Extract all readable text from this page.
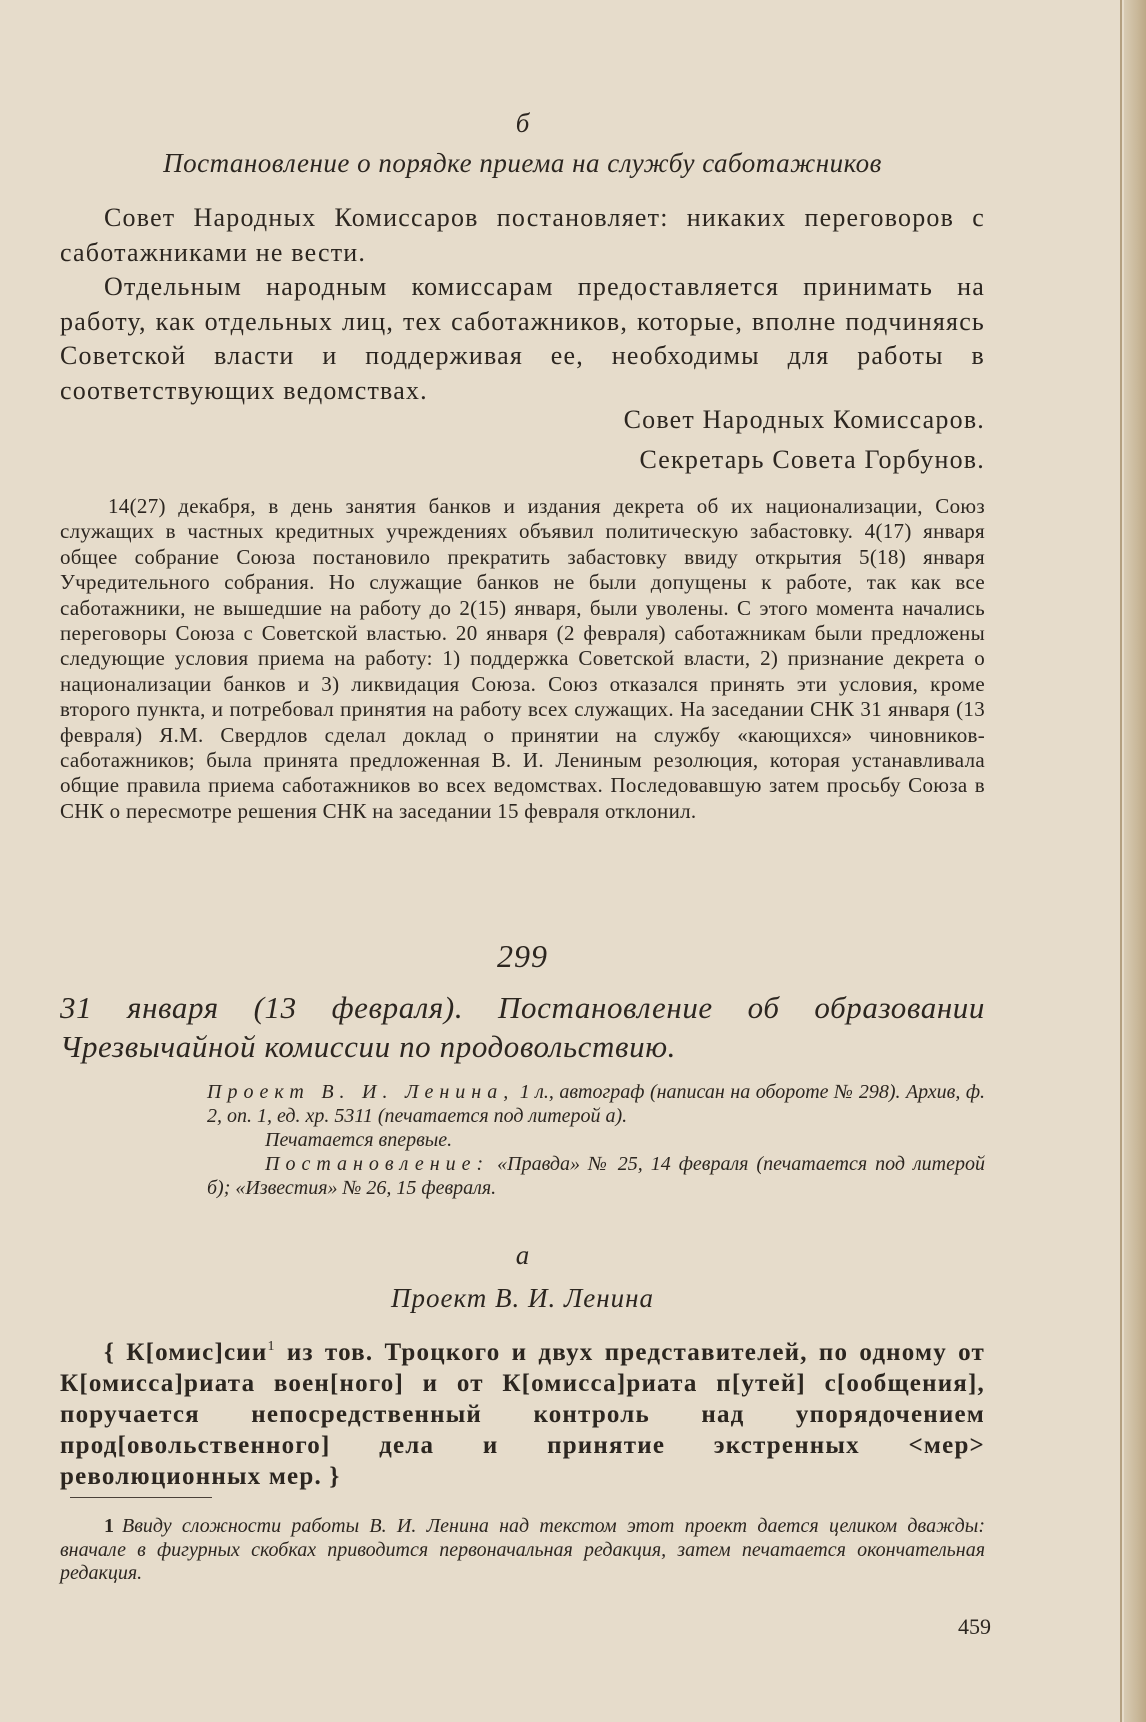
б
Постановление о порядке приема на службу саботажников

Совет Народных Комиссаров постановляет: никаких переговоров с саботажниками не вести.

Отдельным народным комиссарам предоставляется принимать на работу, как отдельных лиц, тех саботажников, которые, вполне подчиняясь Советской власти и поддерживая ее, необходимы для работы в соответствующих ведомствах.

Совет Народных Комиссаров.
Секретарь Совета Горбунов.
14(27) декабря, в день занятия банков и издания декрета об их национализации, Союз служащих в частных кредитных учреждениях объявил политическую забастовку. 4(17) января общее собрание Союза постановило прекратить забастовку ввиду открытия 5(18) января Учредительного собрания. Но служащие банков не были допущены к работе, так как все саботажники, не вышедшие на работу до 2(15) января, были уволены. С этого момента начались переговоры Союза с Советской властью. 20 января (2 февраля) саботажникам были предложены следующие условия приема на работу: 1) поддержка Советской власти, 2) признание декрета о национализации банков и 3) ликвидация Союза. Союз отказался принять эти условия, кроме второго пункта, и потребовал принятия на работу всех служащих. На заседании СНК 31 января (13 февраля) Я.М. Свердлов сделал доклад о принятии на службу «кающихся» чиновников-саботажников; была принята предложенная В. И. Лениным резолюция, которая устанавливала общие правила приема саботажников во всех ведомствах. Последовавшую затем просьбу Союза в СНК о пересмотре решения СНК на заседании 15 февраля отклонил.
299
31 января (13 февраля). Постановление об образовании Чрезвычайной комиссии по продовольствию.

Проект В. И. Ленина, 1 л., автограф (написан на обороте № 298). Архив, ф. 2, оп. 1, ед. хр. 5311 (печатается под литерой а).

Печатается впервые.

Постановление: «Правда» № 25, 14 февраля (печатается под литерой б); «Известия» № 26, 15 февраля.

а
Проект В. И. Ленина
{ К[омис]сии$^1$ из тов. Троцкого и двух представителей, по одному от К[омисса]риата воен[ного] и от К[омисса]риата п[утей] с[ообщения], поручается непосредственный контроль над упорядочением прод[овольственного] дела и принятие экстренных <мер> революционных мер. }
1 Ввиду сложности работы В. И. Ленина над текстом этот проект дается целиком дважды: вначале в фигурных скобках приводится первоначальная редакция, затем печатается окончательная редакция.
459
